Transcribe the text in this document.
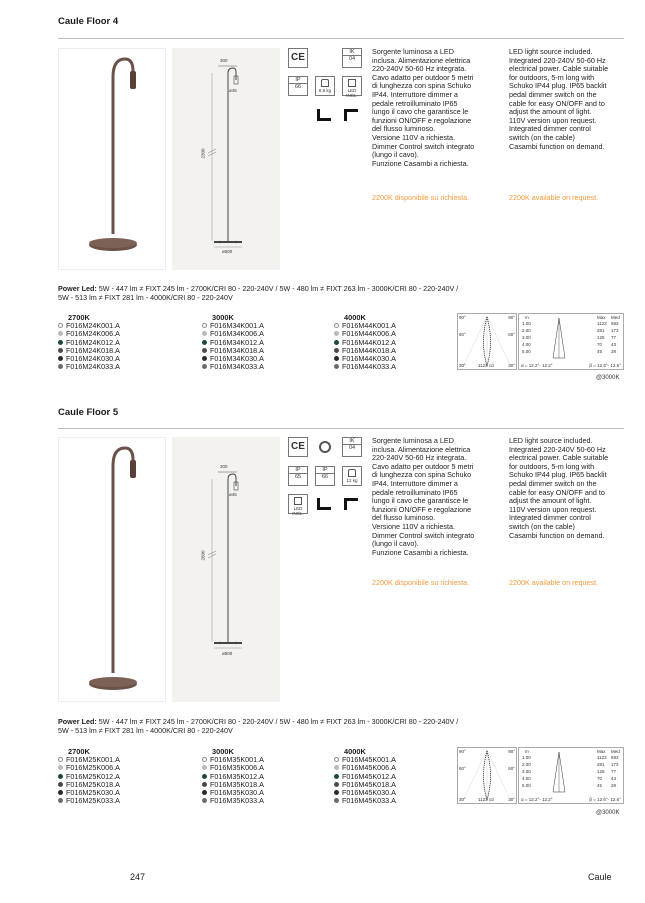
Caule Floor 4
300
ø45
2300
ø500
CE	IK
04
IP
66
8,8 kg	LED INCL.
Sorgente luminosa a LED
inclusa. Alimentazione elettrica
220-240V 50-60 Hz integrata.
Cavo adatto per outdoor 5 metri
di lunghezza con spina Schuko
IP44. Interruttore dimmer a
pedale retroilluminato IP65
lungo il cavo che garantisce le
funzioni ON/OFF e regolazione
del flusso luminoso.
Versione 110V a richiesta.
Dimmer Control switch integrato
(lungo il cavo).
Funzione Casambi a richiesta.
LED light source included.
Integrated 220-240V 50-60 Hz
electrical power. Cable suitable
for outdoors, 5-m long with
Schuko IP44 plug. IP65 backlit
pedal dimmer switch on the
cable for easy ON/OFF and to
adjust the amount of light.
110V version upon request.
Integrated dimmer control
switch (on the cable)
Casambi function on demand.
2200K disponibile su richiesta.	2200K available on request.
Power Led: 5W - 447 lm ≠ FIXT 245 lm - 2700K/CRI 80 - 220-240V / 5W - 480 lm ≠ FIXT 263 lm - 3000K/CRI 80 - 220-240V /
5W - 513 lm ≠ FIXT 281 lm - 4000K/CRI 80 - 220-240V
2700K
F016M24K001.A
F016M24K006.A
F016M24K012.A
F016M24K018.A
F016M24K030.A
F016M24K033.A
3000K
F016M34K001.A
F016M34K006.A
F016M34K012.A
F016M34K018.A
F016M34K030.A
F016M34K033.A
4000K
F016M44K001.A
F016M44K006.A
F016M44K012.A
F016M44K018.A
F016M44K030.A
F016M44K033.A
90°	90°
60°	60°
30°	1123 cd	30°
m	Max Med
1.00	1123 693
2.00	281 173
3.00	125 77
4.00	70 43
5.00	45 28
α = 12.2°- 12.2°	β = 12.6°- 12.6°
@3000K
Caule Floor 5
300
ø45
2600
ø500
CE	IK
04
IP
65
IP
66
12 kg
LED INCL.
Sorgente luminosa a LED
inclusa. Alimentazione elettrica
220-240V 50-60 Hz integrata.
Cavo adatto per outdoor 5 metri
di lunghezza con spina Schuko
IP44. Interruttore dimmer a
pedale retroilluminato IP65
lungo il cavo che garantisce le
funzioni ON/OFF e regolazione
del flusso luminoso.
Versione 110V a richiesta.
Dimmer Control switch integrato
(lungo il cavo).
Funzione Casambi a richiesta.
LED light source included.
Integrated 220-240V 50-60 Hz
electrical power. Cable suitable
for outdoors, 5-m long with
Schuko IP44 plug. IP65 backlit
pedal dimmer switch on the
cable for easy ON/OFF and to
adjust the amount of light.
110V version upon request.
Integrated dimmer control
switch (on the cable)
Casambi function on demand.
2200K disponibile su richiesta.	2200K available on request.
Power Led: 5W - 447 lm ≠ FIXT 245 lm - 2700K/CRI 80 - 220-240V / 5W - 480 lm ≠ FIXT 263 lm - 3000K/CRI 80 - 220-240V /
5W - 513 lm ≠ FIXT 281 lm - 4000K/CRI 80 - 220-240V
2700K
F016M25K001.A
F016M25K006.A
F016M25K012.A
F016M25K018.A
F016M25K030.A
F016M25K033.A
3000K
F016M35K001.A
F016M35K006.A
F016M35K012.A
F016M35K018.A
F016M35K030.A
F016M35K033.A
4000K
F016M45K001.A
F016M45K006.A
F016M45K012.A
F016M45K018.A
F016M45K030.A
F016M45K033.A
90°	90°
60°	60°
30°	1123 cd	30°
m	Max Med
1.00	1123 693
2.00	281 173
3.00	125 77
4.00	70 43
5.00	45 28
α = 12.2°- 12.2°	β = 12.6°- 12.6°
@3000K
247	Caule
